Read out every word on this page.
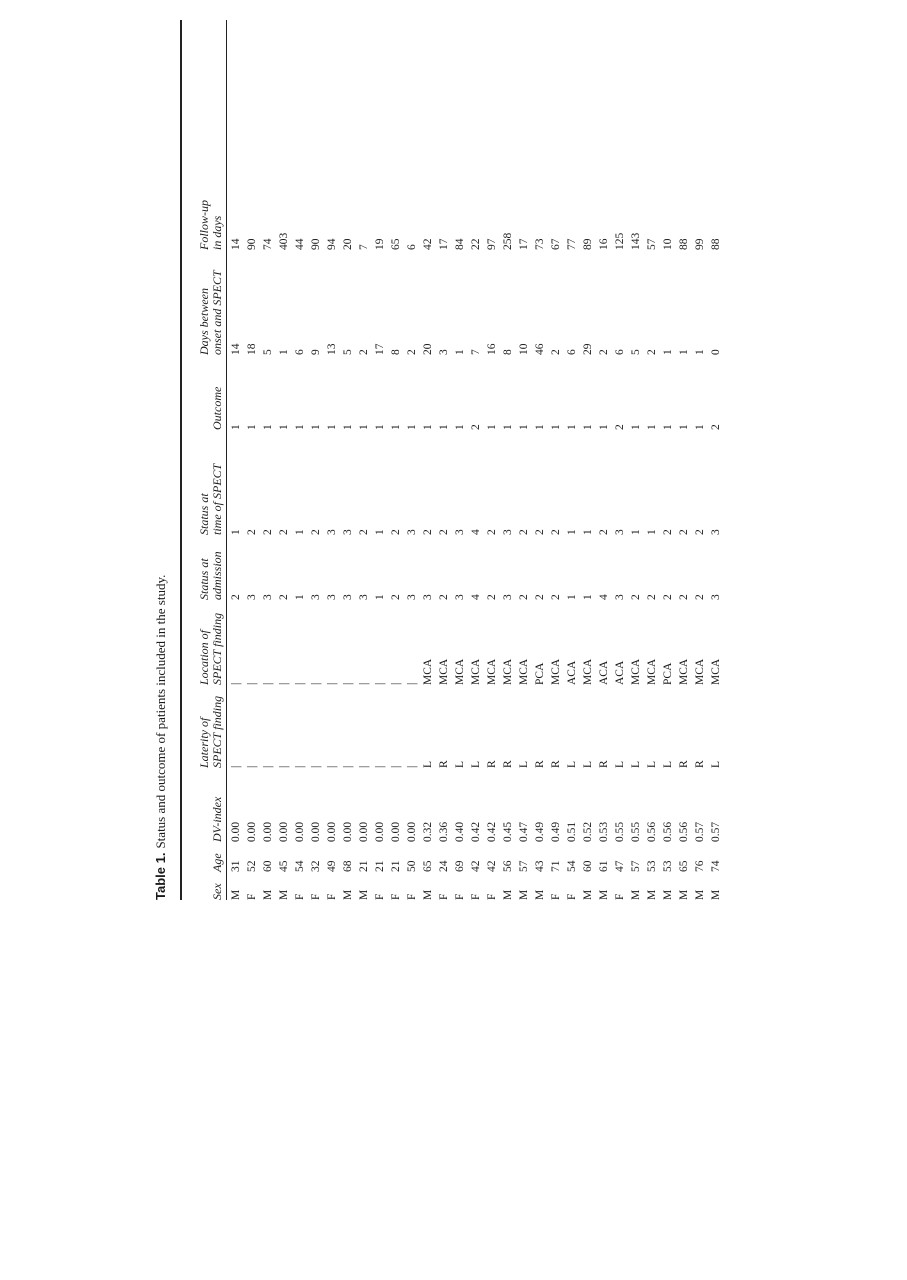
Table 1.Status and outcome of patients included in the study.
Sex
Age
DV-index
Laterity of SPECT finding
Location of SPECT finding
Status at admission
Status at time of SPECT
Outcome
Days between onset and SPECT
Follow-up in days
M
31
0.00
|
|
2
1
1
14
14
F
52
0.00
|
|
3
2
1
18
90
M
60
0.00
|
|
3
2
1
5
74
M
45
0.00
|
|
2
2
1
1
403
F
54
0.00
|
|
1
1
1
6
44
F
32
0.00
|
|
3
2
1
9
90
F
49
0.00
|
|
3
3
1
13
94
M
68
0.00
|
|
3
3
1
5
20
M
21
0.00
|
|
3
2
1
2
7
F
21
0.00
|
|
1
1
1
17
19
F
21
0.00
|
|
2
2
1
8
65
F
50
0.00
|
|
3
3
1
2
6
M
65
0.32
L
MCA
3
2
1
20
42
F
24
0.36
R
MCA
2
2
1
3
17
F
69
0.40
L
MCA
3
3
1
1
84
F
42
0.42
L
MCA
4
4
2
7
22
F
42
0.42
R
MCA
2
2
1
16
97
M
56
0.45
R
MCA
3
3
1
8
258
M
57
0.47
L
MCA
2
2
1
10
17
M
43
0.49
R
PCA
2
2
1
46
73
F
71
0.49
R
MCA
2
2
1
2
67
F
54
0.51
L
ACA
1
1
1
6
77
M
60
0.52
L
MCA
1
1
1
29
89
M
61
0.53
R
ACA
4
2
1
2
16
F
47
0.55
L
ACA
3
3
2
6
125
M
57
0.55
L
MCA
2
1
1
5
143
M
53
0.56
L
MCA
2
1
1
2
57
M
53
0.56
L
PCA
2
2
1
1
10
M
65
0.56
R
MCA
2
2
1
1
88
M
76
0.57
R
MCA
2
2
1
1
99
M
74
0.57
L
MCA
3
3
2
0
88
